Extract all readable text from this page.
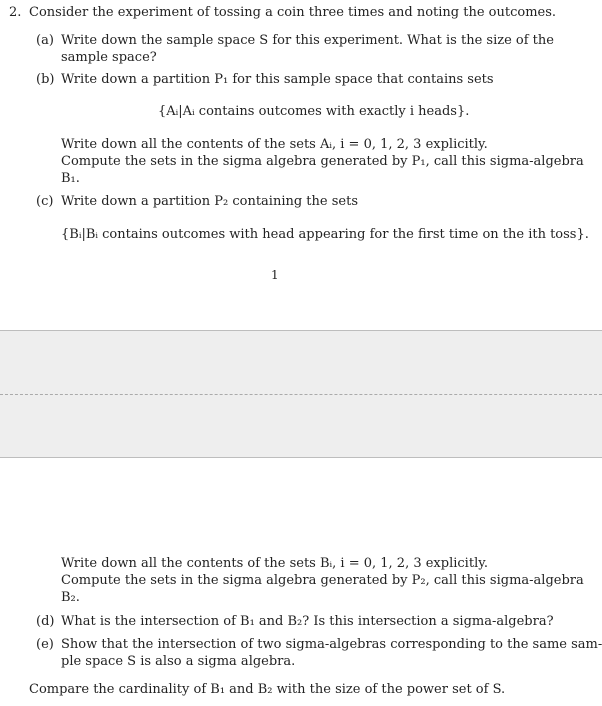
2. Consider the experiment of tossing a coin three times and noting the outcomes.
(a) Write down the sample space S for this experiment. What is the size of the
sample space?
(b) Write down a partition P₁ for this sample space that contains sets
{Aᵢ|Aᵢ contains outcomes with exactly i heads}.
Write down all the contents of the sets Aᵢ, i = 0, 1, 2, 3 explicitly.
Compute the sets in the sigma algebra generated by P₁, call this sigma-algebra
B₁.
(c) Write down a partition P₂ containing the sets
{Bᵢ|Bᵢ contains outcomes with head appearing for the first time on the ith toss}.
1
Write down all the contents of the sets Bᵢ, i = 0, 1, 2, 3 explicitly.
Compute the sets in the sigma algebra generated by P₂, call this sigma-algebra
B₂.
(d) What is the intersection of B₁ and B₂? Is this intersection a sigma-algebra?
(e) Show that the intersection of two sigma-algebras corresponding to the same sam-
ple space S is also a sigma algebra.
Compare the cardinality of B₁ and B₂ with the size of the power set of S.
